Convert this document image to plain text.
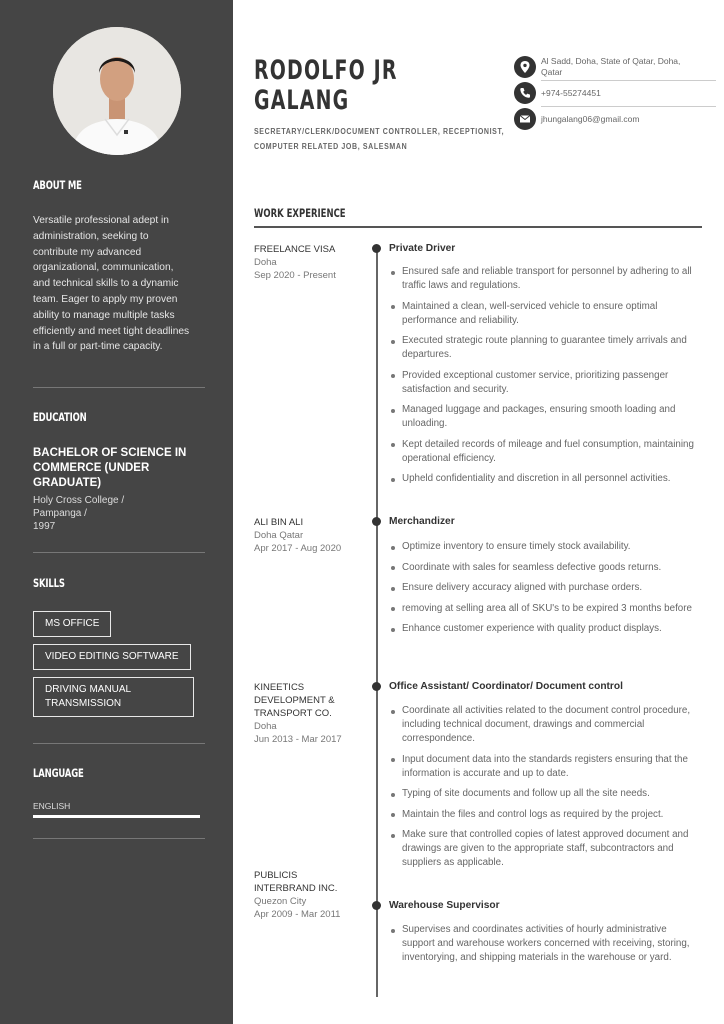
ABOUT ME
Versatile professional adept in administration, seeking to contribute my advanced organizational, communication, and technical skills to a dynamic team. Eager to apply my proven ability to manage multiple tasks efficiently and meet tight deadlines in a full or part-time capacity.
EDUCATION
BACHELOR OF SCIENCE IN COMMERCE (UNDER GRADUATE)
Holy Cross College /
Pampanga /
1997
SKILLS
MS OFFICE
VIDEO EDITING SOFTWARE
DRIVING MANUAL TRANSMISSION
LANGUAGE
ENGLISH
RODOLFO JR
GALANG
SECRETARY/CLERK/DOCUMENT CONTROLLER, RECEPTIONIST, COMPUTER RELATED JOB, SALESMAN
Al Sadd, Doha, State of Qatar, Doha, Qatar
+974-55274451
jhungalang06@gmail.com
WORK EXPERIENCE
FREELANCE VISA
Doha
Sep 2020 - Present
Private Driver
Ensured safe and reliable transport for personnel by adhering to all traffic laws and regulations.
Maintained a clean, well-serviced vehicle to ensure optimal performance and reliability.
Executed strategic route planning to guarantee timely arrivals and departures.
Provided exceptional customer service, prioritizing passenger satisfaction and security.
Managed luggage and packages, ensuring smooth loading and unloading.
Kept detailed records of mileage and fuel consumption, maintaining operational efficiency.
Upheld confidentiality and discretion in all personnel activities.
ALI BIN ALI
Doha Qatar
Apr 2017 - Aug 2020
Merchandizer
Optimize inventory to ensure timely stock availability.
Coordinate with sales for seamless defective goods returns.
Ensure delivery accuracy aligned with purchase orders.
removing at selling area all of SKU's to be expired 3 months before
Enhance customer experience with quality product displays.
KINEETICS DEVELOPMENT & TRANSPORT CO.
Doha
Jun 2013 - Mar 2017
Office Assistant/ Coordinator/ Document control
Coordinate all activities related to the document control procedure, including technical document, drawings and commercial correspondence.
Input document data into the standards registers ensuring that the information is accurate and up to date.
Typing of site documents and follow up all the site needs.
Maintain the files and control logs as required by the project.
Make sure that controlled copies of latest approved document and drawings are given to the appropriate staff, subcontractors and suppliers as applicable.
PUBLICIS INTERBRAND INC.
Quezon City
Apr 2009 - Mar 2011
Warehouse Supervisor
Supervises and coordinates activities of hourly administrative support and warehouse workers concerned with receiving, storing, inventorying, and shipping materials in the warehouse or yard.
